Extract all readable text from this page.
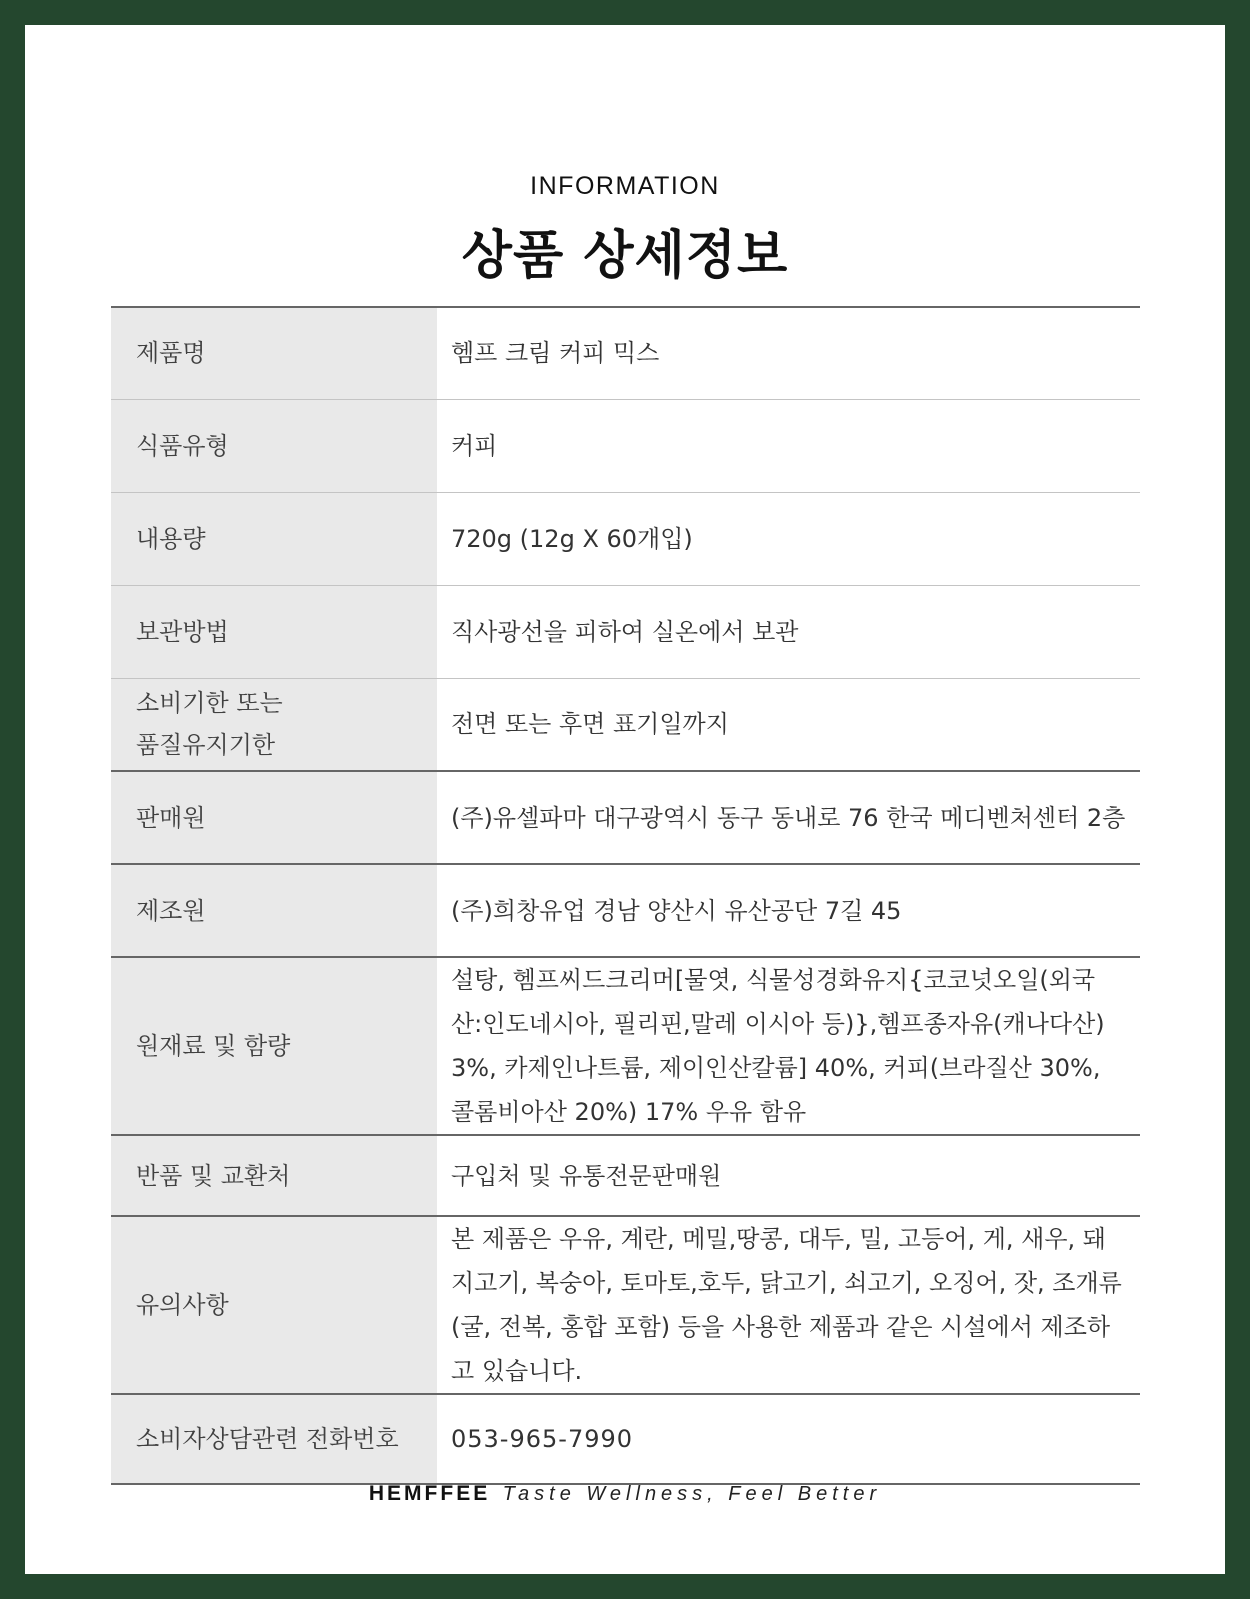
INFORMATION
상품 상세정보
제품명	헴프 크림 커피 믹스
식품유형	커피
내용량	720g (12g X 60개입)
보관방법	직사광선을 피하여 실온에서 보관
소비기한 또는
품질유지기한	전면 또는 후면 표기일까지
판매원	(주)유셀파마 대구광역시 동구 동내로 76 한국 메디벤처센터 2층
제조원	(주)희창유업 경남 양산시 유산공단 7길 45
원재료 및 함량	설탕, 헴프씨드크리머[물엿, 식물성경화유지{코코넛오일(외국산:인도네시아, 필리핀,말레 이시아 등)},헴프종자유(캐나다산) 3%, 카제인나트륨, 제이인산칼륨] 40%, 커피(브라질산 30%, 콜롬비아산 20%) 17% 우유 함유
반품 및 교환처	구입처 및 유통전문판매원
유의사항	본 제품은 우유, 계란, 메밀,땅콩, 대두, 밀, 고등어, 게, 새우, 돼지고기, 복숭아, 토마토,호두, 닭고기, 쇠고기, 오징어, 잣, 조개류(굴, 전복, 홍합 포함) 등을 사용한 제품과 같은 시설에서 제조하고 있습니다.
소비자상담관련 전화번호	053-965-7990
HEMFFEE Taste Wellness, Feel Better
